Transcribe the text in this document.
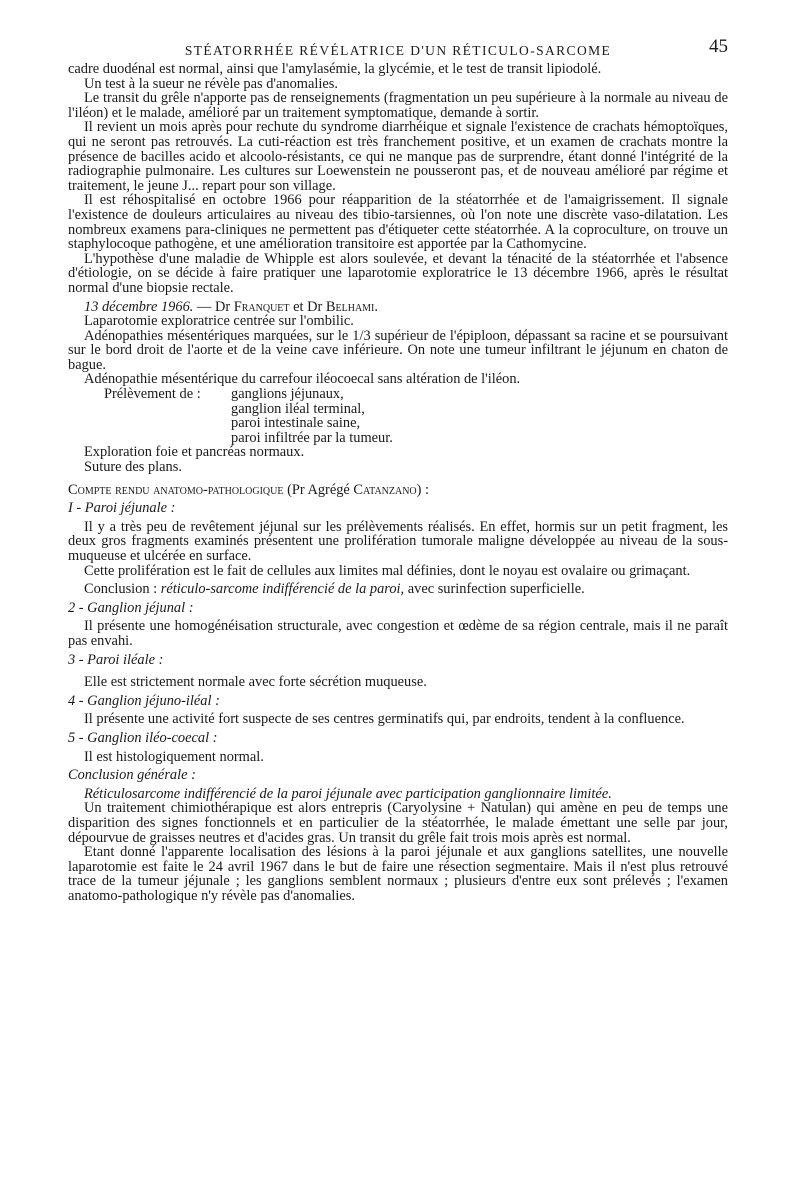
STÉATORRHÉE RÉVÉLATRICE D'UN RÉTICULO-SARCOME	45

cadre duodénal est normal, ainsi que l'amylasémie, la glycémie, et le test de transit lipiodolé.

Un test à la sueur ne révèle pas d'anomalies.

Le transit du grêle n'apporte pas de renseignements (fragmentation un peu supérieure à la normale au niveau de l'iléon) et le malade, amélioré par un traitement symptomatique, demande à sortir.

Il revient un mois après pour rechute du syndrome diarrhéique et signale l'existence de crachats hémoptoïques, qui ne seront pas retrouvés. La cuti-réaction est très franchement positive, et un examen de crachats montre la présence de bacilles acido et alcoolo-résistants, ce qui ne manque pas de surprendre, étant donné l'intégrité de la radiographie pulmonaire. Les cultures sur Loewenstein ne pousseront pas, et de nouveau amélioré par régime et traitement, le jeune J... repart pour son village.

Il est réhospitalisé en octobre 1966 pour réapparition de la stéatorrhée et de l'amaigrissement. Il signale l'existence de douleurs articulaires au niveau des tibio-tarsiennes, où l'on note une discrète vaso-dilatation. Les nombreux examens para-cliniques ne permettent pas d'étiqueter cette stéatorrhée. A la coproculture, on trouve un staphylocoque pathogène, et une amélioration transitoire est apportée par la Cathomycine.

L'hypothèse d'une maladie de Whipple est alors soulevée, et devant la ténacité de la stéatorrhée et l'absence d'étiologie, on se décide à faire pratiquer une laparotomie exploratrice le 13 décembre 1966, après le résultat normal d'une biopsie rectale.

13 décembre 1966. — Dr Franquet et Dr Belhami.

Laparotomie exploratrice centrée sur l'ombilic.

Adénopathies mésentériques marquées, sur le 1/3 supérieur de l'épiploon, dépassant sa racine et se poursuivant sur le bord droit de l'aorte et de la veine cave inférieure. On note une tumeur infiltrant le jéjunum en chaton de bague.

Adénopathie mésentérique du carrefour iléocoecal sans altération de l'iléon.

Prélèvement de :	ganglions jéjunaux,
ganglion iléal terminal,
paroi intestinale saine,
paroi infiltrée par la tumeur.

Exploration foie et pancréas normaux.

Suture des plans.

Compte rendu anatomo-pathologique (Pr Agrégé Catanzano) :

I - Paroi jéjunale :

Il y a très peu de revêtement jéjunal sur les prélèvements réalisés. En effet, hormis sur un petit fragment, les deux gros fragments examinés présentent une prolifération tumorale maligne développée au niveau de la sous-muqueuse et ulcérée en surface.

Cette prolifération est le fait de cellules aux limites mal définies, dont le noyau est ovalaire ou grimaçant.

Conclusion : réticulo-sarcome indifférencié de la paroi, avec surinfection superficielle.

2 - Ganglion jéjunal :

Il présente une homogénéisation structurale, avec congestion et œdème de sa région centrale, mais il ne paraît pas envahi.

3 - Paroi iléale :

Elle est strictement normale avec forte sécrétion muqueuse.

4 - Ganglion jéjuno-iléal :

Il présente une activité fort suspecte de ses centres germinatifs qui, par endroits, tendent à la confluence.

5 - Ganglion iléo-coecal :

Il est histologiquement normal.

Conclusion générale :

Réticulosarcome indifférencié de la paroi jéjunale avec participation ganglionnaire limitée.

Un traitement chimiothérapique est alors entrepris (Caryolysine + Natulan) qui amène en peu de temps une disparition des signes fonctionnels et en particulier de la stéatorrhée, le malade émettant une selle par jour, dépourvue de graisses neutres et d'acides gras. Un transit du grêle fait trois mois après est normal.

Etant donné l'apparente localisation des lésions à la paroi jéjunale et aux ganglions satellites, une nouvelle laparotomie est faite le 24 avril 1967 dans le but de faire une résection segmentaire. Mais il n'est plus retrouvé trace de la tumeur jéjunale ; les ganglions semblent normaux ; plusieurs d'entre eux sont prélevés ; l'examen anatomo-pathologique n'y révèle pas d'anomalies.
